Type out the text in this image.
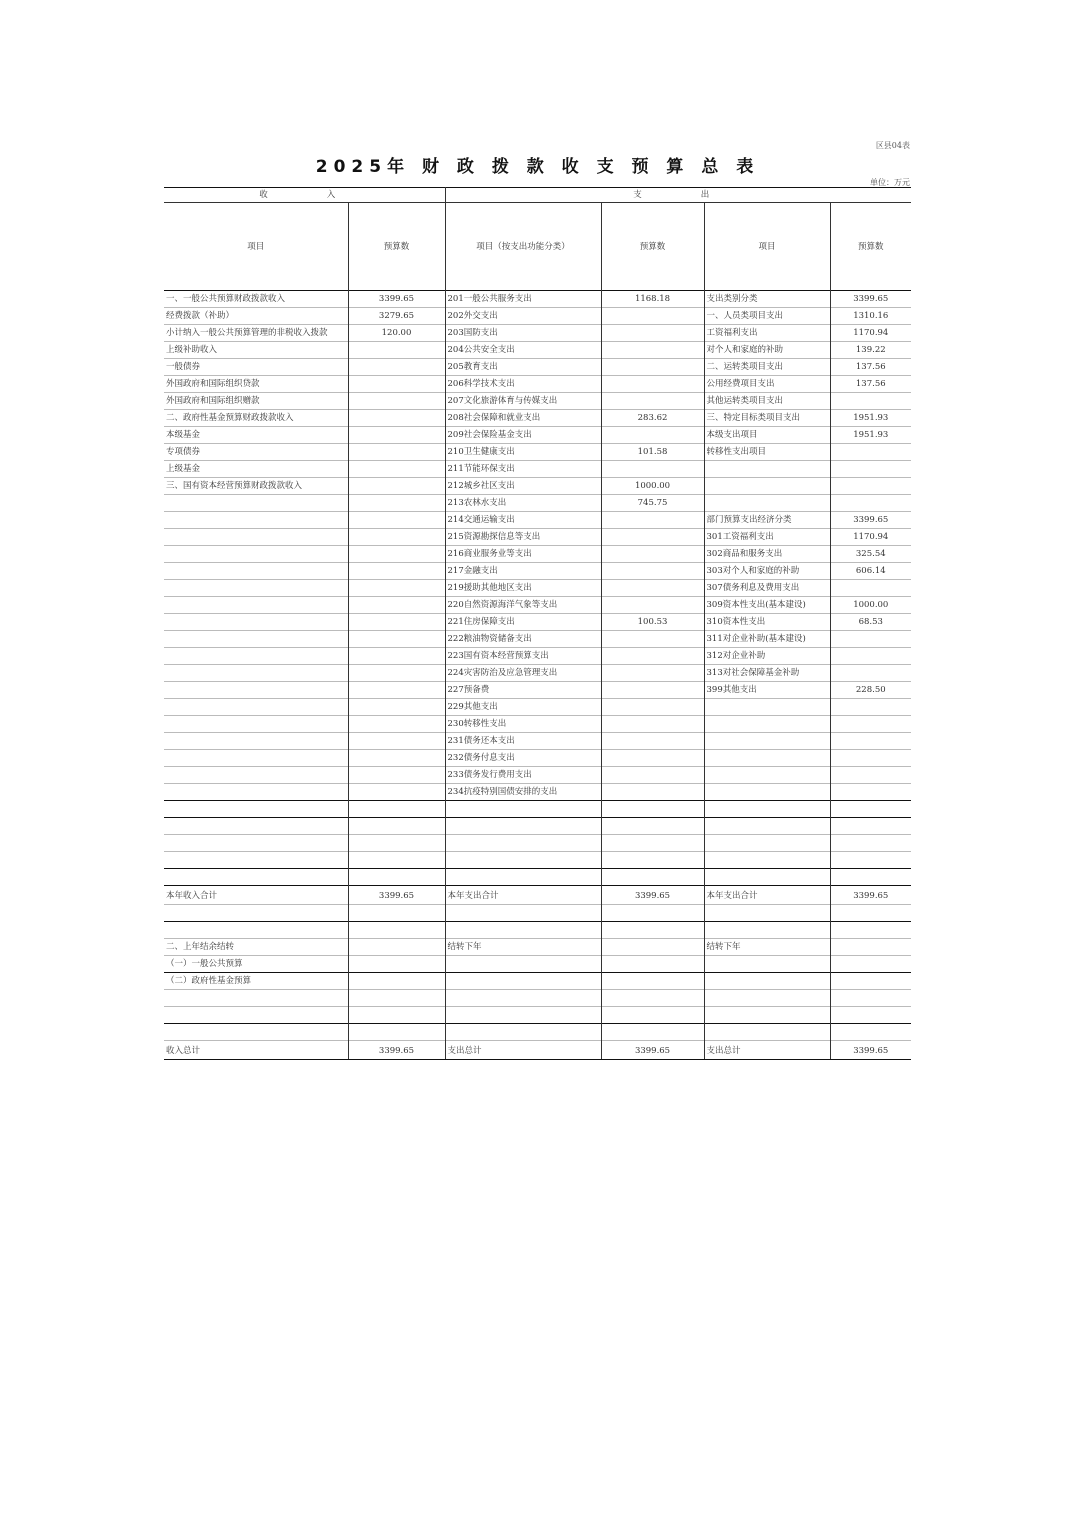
区县04表
2025年 财 政 拨 款 收 支 预 算 总 表
单位：万元
收　　入		支　　出			
项目	预算数	项目（按支出功能分类）	预算数	项目	预算数
一、一般公共预算财政拨款收入	3399.65	201一般公共服务支出	1168.18	支出类别分类	3399.65
经费拨款（补助）	3279.65	202外交支出		一、人员类项目支出	1310.16
小计纳入一般公共预算管理的非税收入拨款	120.00	203国防支出		工资福利支出	1170.94
上级补助收入		204公共安全支出		对个人和家庭的补助	139.22
一般债券		205教育支出		二、运转类项目支出	137.56
外国政府和国际组织贷款		206科学技术支出		公用经费项目支出	137.56
外国政府和国际组织赠款		207文化旅游体育与传媒支出		其他运转类项目支出	
二、政府性基金预算财政拨款收入		208社会保障和就业支出	283.62	三、特定目标类项目支出	1951.93
本级基金		209社会保险基金支出		本级支出项目	1951.93
专项债券		210卫生健康支出	101.58	转移性支出项目	
上级基金		211节能环保支出			
三、国有资本经营预算财政拨款收入		212城乡社区支出	1000.00		
		213农林水支出	745.75		
		214交通运输支出		部门预算支出经济分类	3399.65
		215资源勘探信息等支出		301工资福利支出	1170.94
		216商业服务业等支出		302商品和服务支出	325.54
		217金融支出		303对个人和家庭的补助	606.14
		219援助其他地区支出		307债务利息及费用支出	
		220自然资源海洋气象等支出		309资本性支出(基本建设)	1000.00
		221住房保障支出	100.53	310资本性支出	68.53
		222粮油物资储备支出		311对企业补助(基本建设)	
		223国有资本经营预算支出		312对企业补助	
		224灾害防治及应急管理支出		313对社会保障基金补助	
		227预备费		399其他支出	228.50
		229其他支出			
		230转移性支出			
		231债务还本支出			
		232债务付息支出			
		233债务发行费用支出			
		234抗疫特别国债安排的支出			

本年收入合计	3399.65	本年支出合计	3399.65	本年支出合计	3399.65

二、上年结余结转		结转下年		结转下年	
（一）一般公共预算					
（二）政府性基金预算					

收入总计	3399.65	支出总计	3399.65	支出总计	3399.65
